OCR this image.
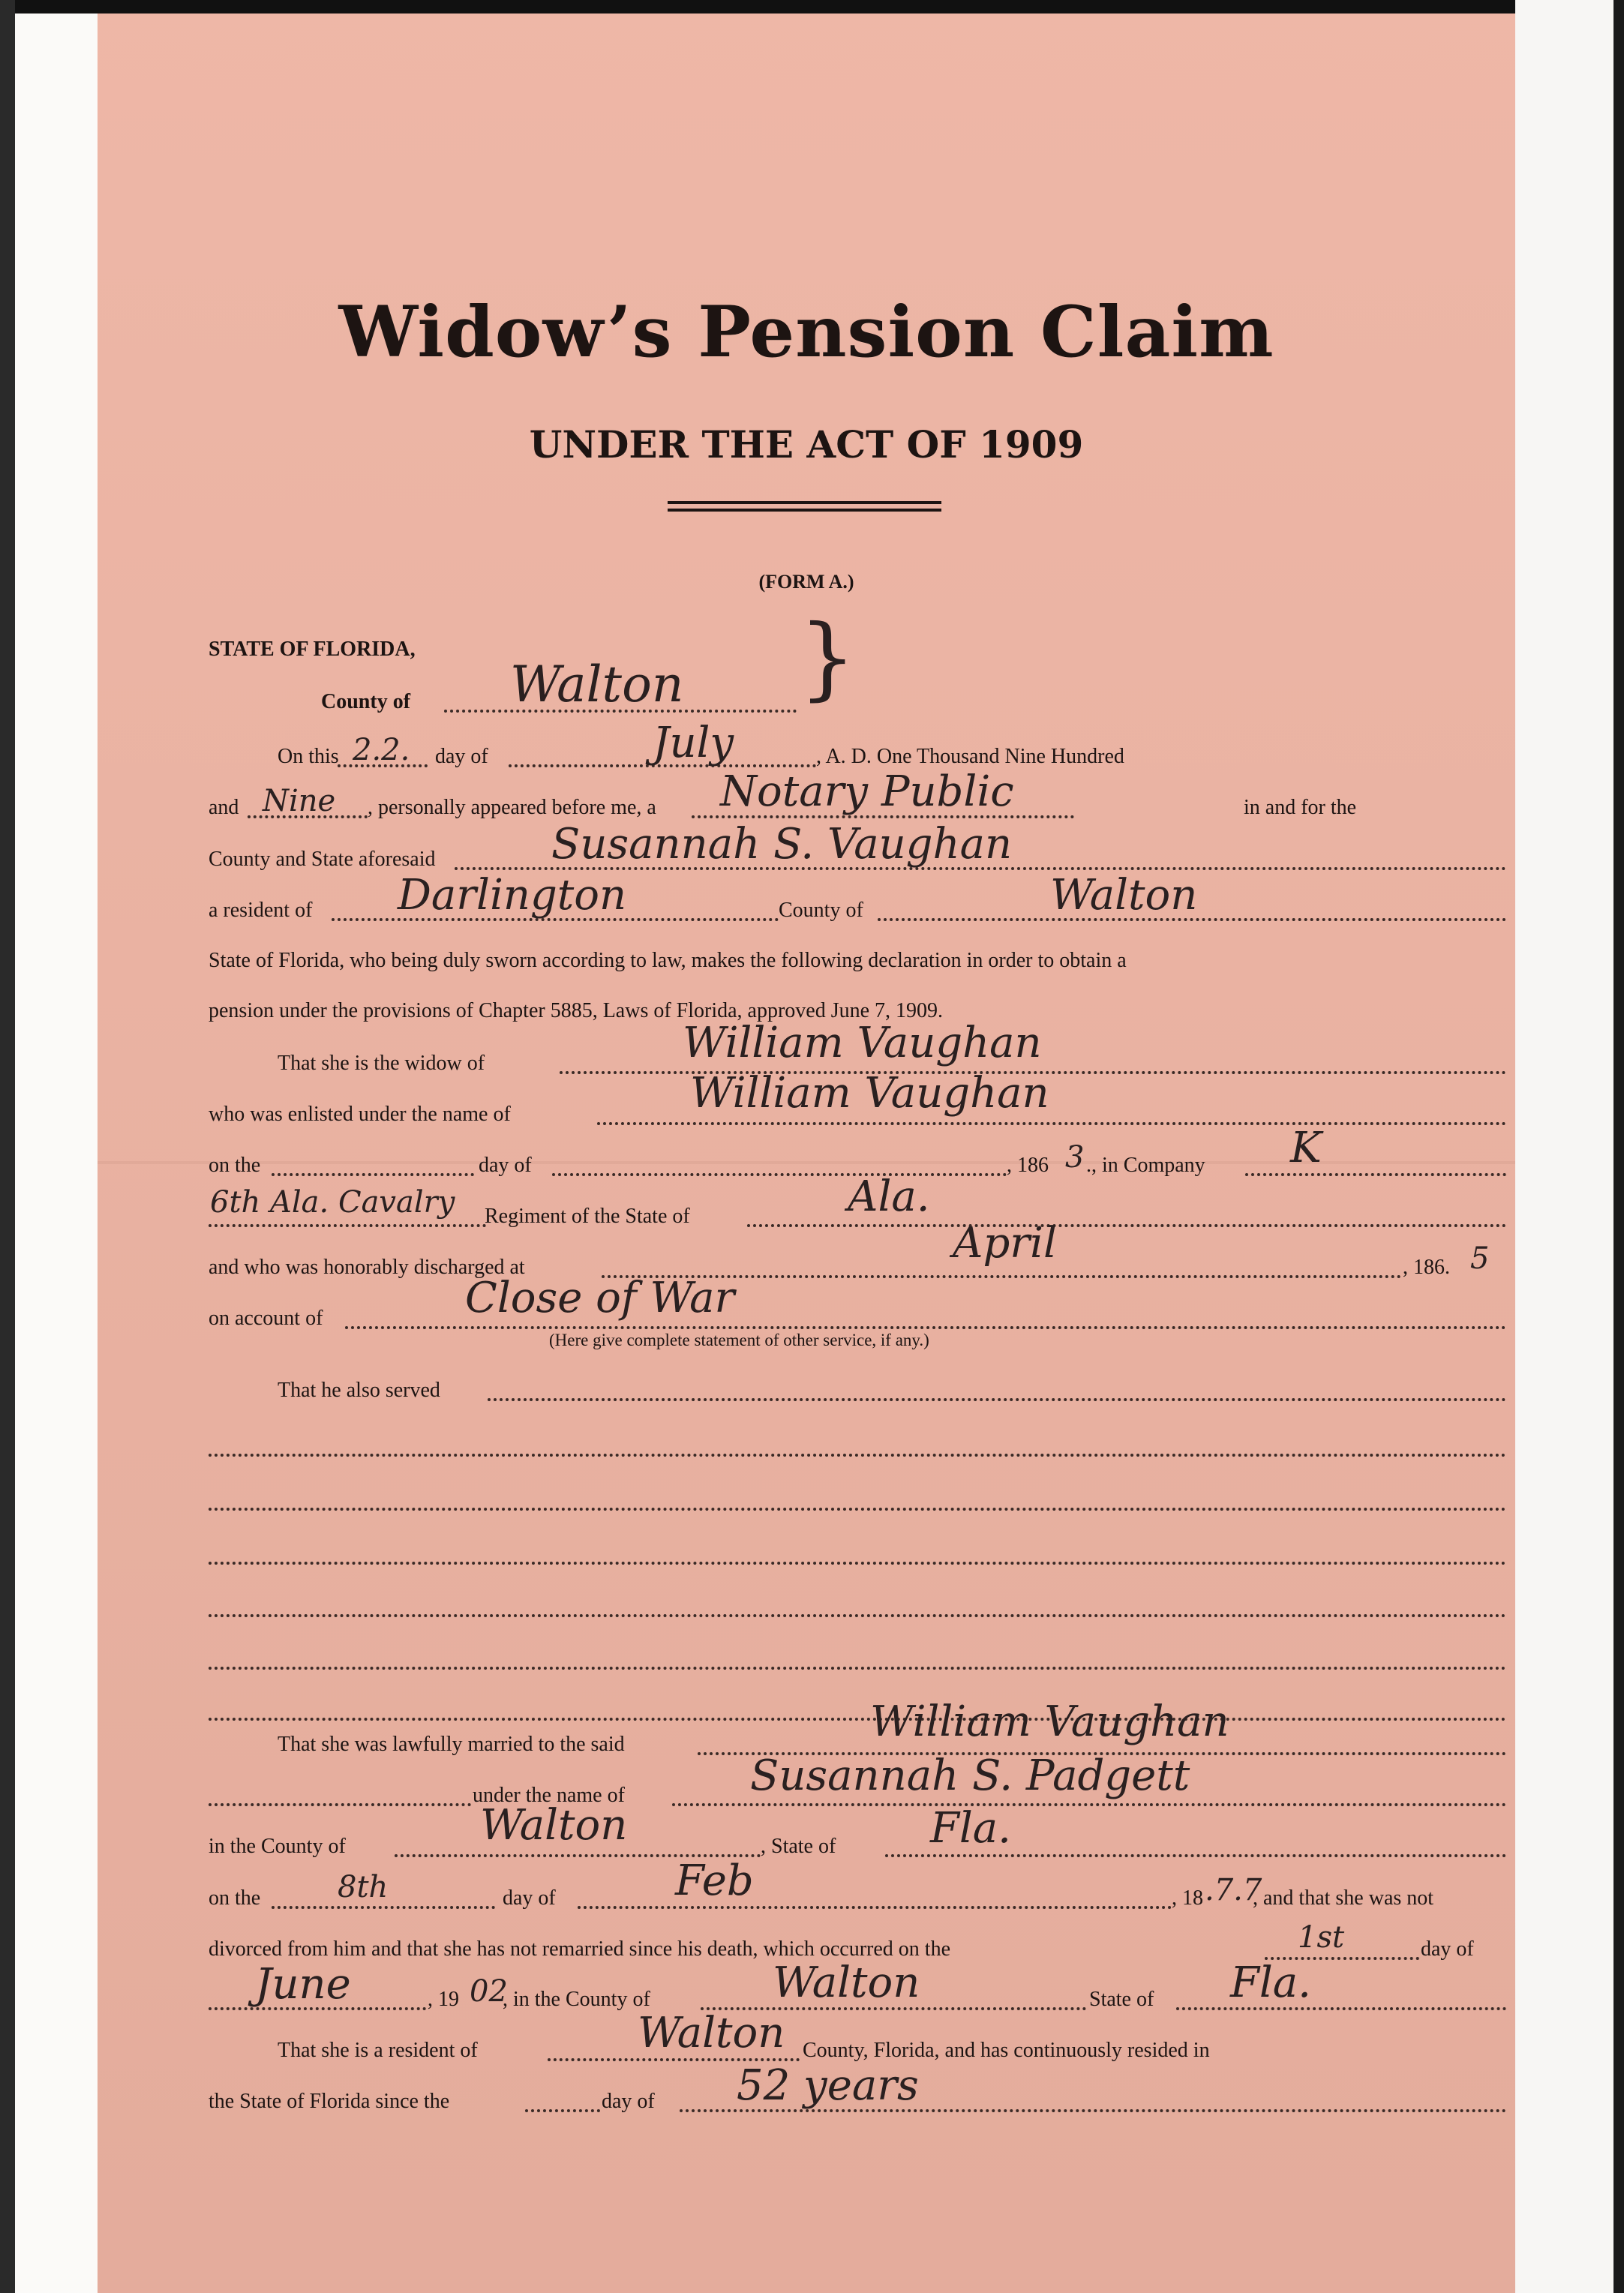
Widow’s Pension Claim
UNDER THE ACT OF 1909
(FORM A.)
STATE OF FLORIDA,
County of Walton }
On this 2.2. day of	July	, A. D. One Thousand Nine Hundred
and Nine , personally appeared before me, a Notary Public	in and for the
County and State aforesaid	Susannah S. Vaughan
a resident of Darlington	County of	Walton
State of Florida, who being duly sworn according to law, makes the following declaration in order to obtain a
pension under the provisions of Chapter 5885, Laws of Florida, approved June 7, 1909.
That she is the widow of	William Vaughan
who was enlisted under the name of	William Vaughan
on the	day of	, 186 3 ., in Company K
6th Ala. Cavalry Regiment of the State of	Ala.
and who was honorably discharged at	April	, 186. 5
on account of	Close of War
(Here give complete statement of other service, if any.)
That he also served
That she was lawfully married to the said	William Vaughan
under the name of	Susannah S. Padgett
in the County of	Walton	, State of Fla.
on the	8th	day of	Feb	, 18 .7.7
, and that she was not
divorced from him and that she has not remarried since his death, which occurred on the	1st	day of
June	, 19 02
, in the County of	Walton	State of Fla.
That she is a resident of	Walton County, Florida, and has continuously resided in
the State of Florida since the	day of 52 years
